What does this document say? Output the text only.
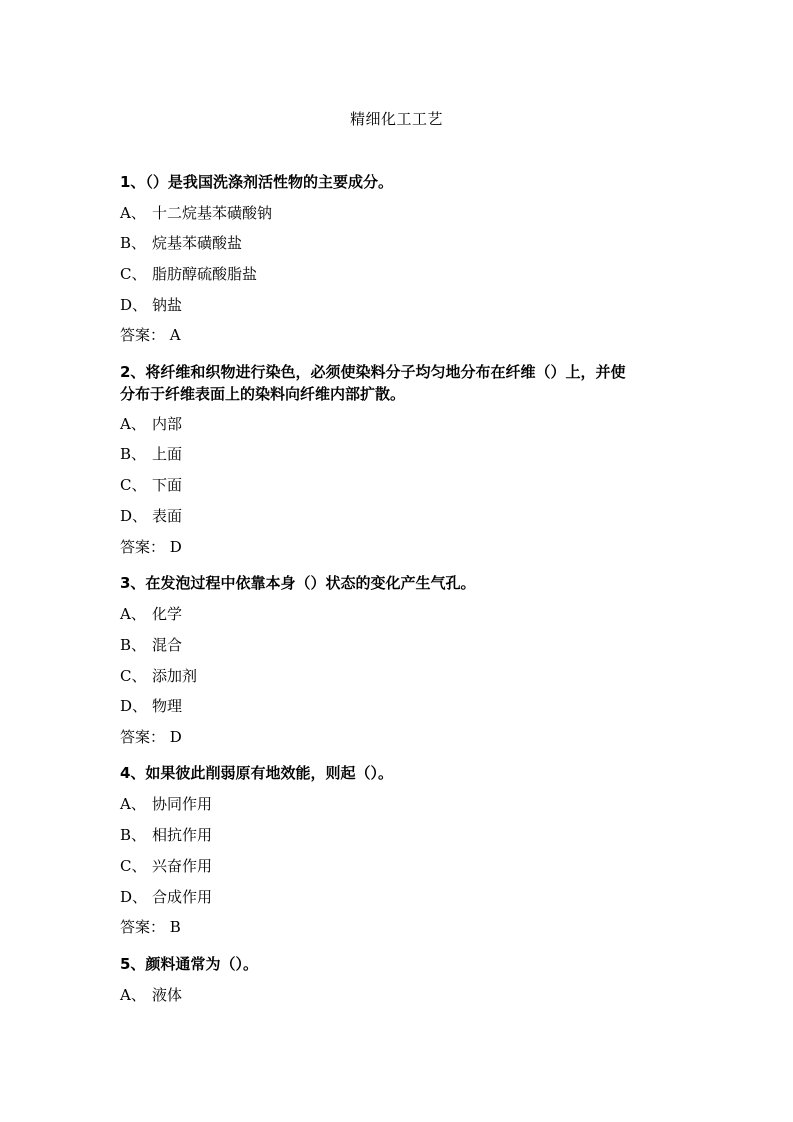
精细化工工艺

1、（）是我国洗涤剂活性物的主要成分。

A、 十二烷基苯磺酸钠

B、 烷基苯磺酸盐

C、 脂肪醇硫酸脂盐

D、 钠盐

答案： A

2、将纤维和织物进行染色，必须使染料分子均匀地分布在纤维（）上，并使

分布于纤维表面上的染料向纤维内部扩散。

A、 内部

B、 上面

C、 下面

D、 表面

答案： D

3、在发泡过程中依靠本身（）状态的变化产生气孔。

A、 化学

B、 混合

C、 添加剂

D、 物理

答案： D

4、如果彼此削弱原有地效能，则起（）。

A、 协同作用

B、 相抗作用

C、 兴奋作用

D、 合成作用

答案： B

5、颜料通常为（）。

A、 液体
